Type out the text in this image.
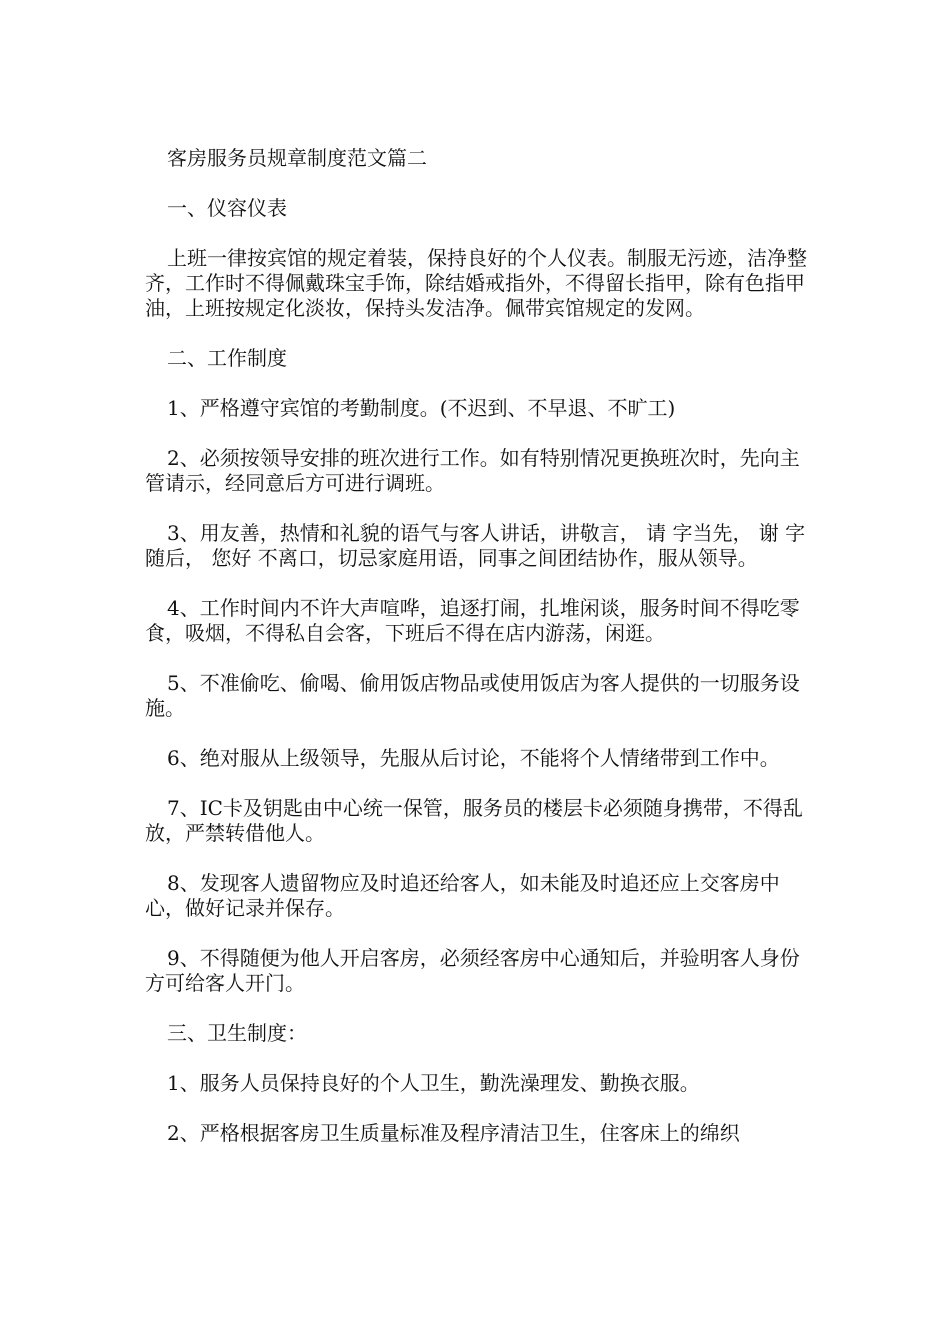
客房服务员规章制度范文篇二

一、仪容仪表

上班一律按宾馆的规定着装，保持良好的个人仪表。制服无污迹，洁净整齐，工作时不得佩戴珠宝手饰，除结婚戒指外，不得留长指甲，除有色指甲油，上班按规定化淡妆，保持头发洁净。佩带宾馆规定的发网。

二、工作制度

1、严格遵守宾馆的考勤制度。(不迟到、不早退、不旷工)

2、必须按领导安排的班次进行工作。如有特别情况更换班次时，先向主管请示，经同意后方可进行调班。

3、用友善，热情和礼貌的语气与客人讲话，讲敬言， 请 字当先， 谢 字随后， 您好 不离口，切忌家庭用语，同事之间团结协作，服从领导。

4、工作时间内不许大声喧哗，追逐打闹，扎堆闲谈，服务时间不得吃零食，吸烟，不得私自会客，下班后不得在店内游荡，闲逛。

5、不准偷吃、偷喝、偷用饭店物品或使用饭店为客人提供的一切服务设施。

6、绝对服从上级领导，先服从后讨论，不能将个人情绪带到工作中。

7、IC卡及钥匙由中心统一保管，服务员的楼层卡必须随身携带，不得乱放，严禁转借他人。

8、发现客人遗留物应及时追还给客人，如未能及时追还应上交客房中心，做好记录并保存。

9、不得随便为他人开启客房，必须经客房中心通知后，并验明客人身份方可给客人开门。

三、卫生制度：

1、服务人员保持良好的个人卫生，勤洗澡理发、勤换衣服。

2、严格根据客房卫生质量标准及程序清洁卫生，住客床上的绵织
